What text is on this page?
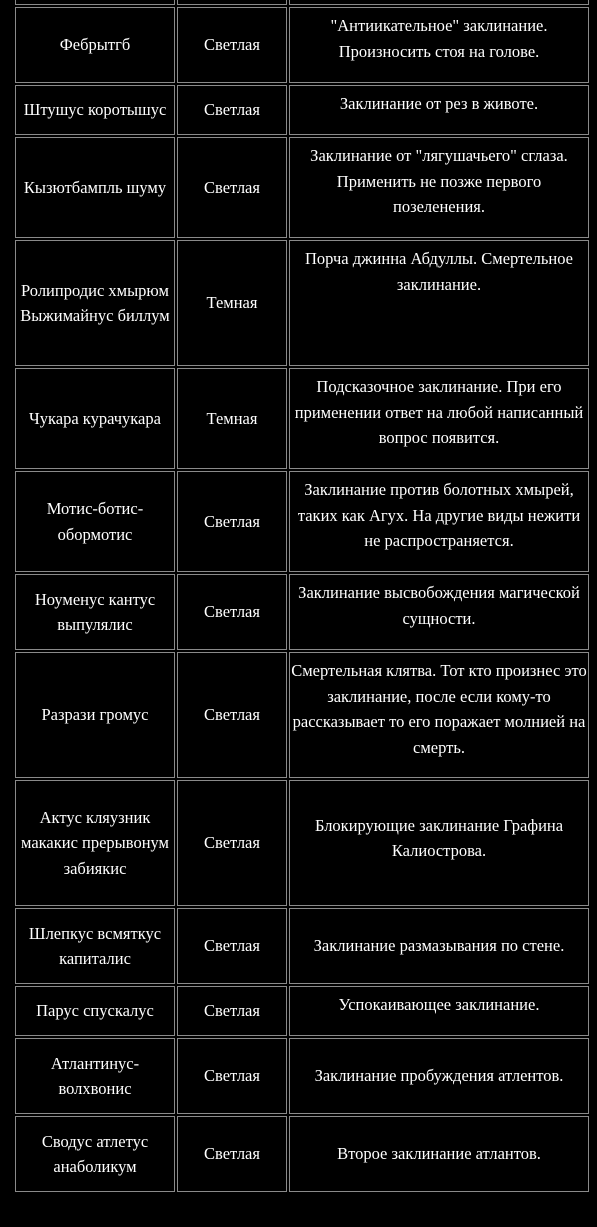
Фебрытгб	Светлая	"Антиикательное" заклинание. Произносить стоя на голове.
Штушус коротышус	Светлая	Заклинание от рез в животе.
Кызютбампль шуму	Светлая	Заклинание от "лягушачьего" сглаза. Применить не позже первого позеленения.
Ролипродис хмырюм Выжимайнус биллум	Темная	Порча джинна Абдуллы. Смертельное заклинание.
Чукара курачукара	Темная	Подсказочное заклинание. При его применении ответ на любой написанный вопрос появится.
Мотис-ботис-обормотис	Светлая	Заклинание против болотных хмырей, таких как Агух. На другие виды нежити не распространяется.
Ноуменус кантус выпулялис	Светлая	Заклинание высвобождения магической сущности.
Разрази громус	Светлая	Смертельная клятва. Тот кто произнес это заклинание, после если кому-то рассказывает то его поражает молнией на смерть.
Актус кляузник макакис прерывонум забиякис	Светлая	Блокирующие заклинание Графина Калиострова.
Шлепкус всмяткус капиталис	Светлая	Заклинание размазывания по стене.
Парус спускалус	Светлая	Успокаивающее заклинание.
Атлантинус-волхвонис	Светлая	Заклинание пробуждения атлентов.
Сводус атлетус анаболикум	Светлая	Второе заклинание атлантов.
